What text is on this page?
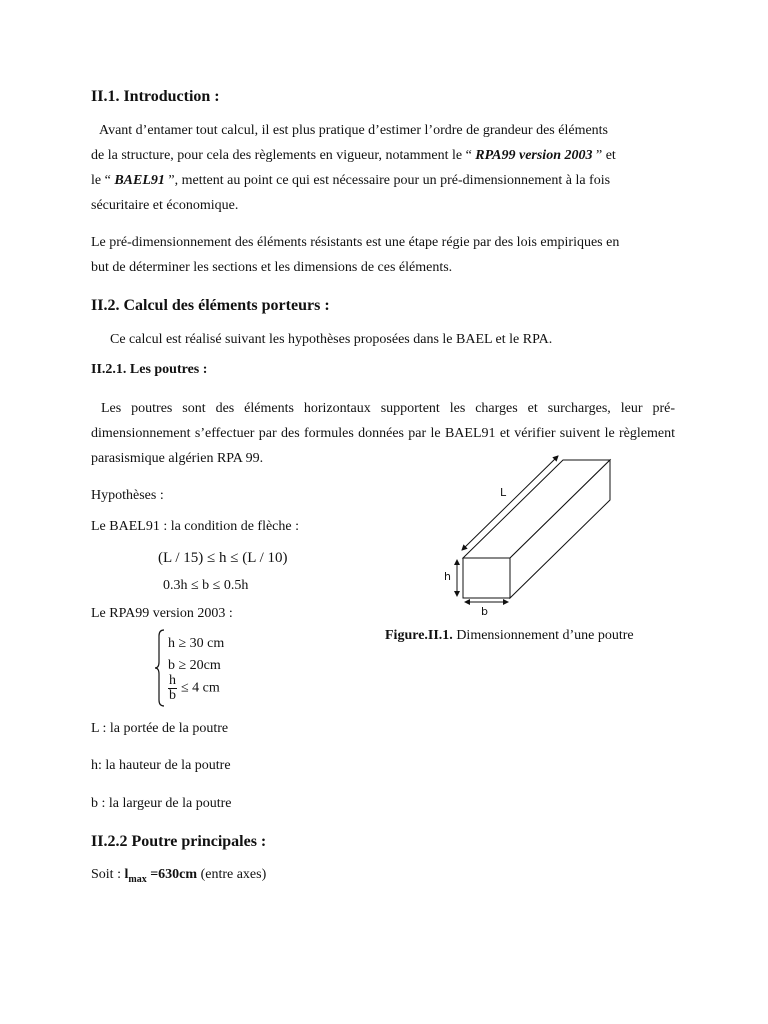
II.1. Introduction :
Avant d’entamer tout calcul, il est plus pratique d’estimer l’ordre de grandeur des éléments
de la structure, pour cela des règlements en vigueur, notamment le “ RPA99 version 2003 ” et
le “ BAEL91 ”, mettent au point ce qui est nécessaire pour un pré-dimensionnement à la fois
sécuritaire et économique.
Le pré-dimensionnement des éléments résistants est une étape régie par des lois empiriques en
but de déterminer les sections et les dimensions de ces éléments.
II.2. Calcul des éléments porteurs :
Ce calcul est réalisé suivant les hypothèses proposées dans le BAEL et le RPA.
II.2.1. Les poutres :
Les poutres sont des éléments horizontaux supportent les charges et surcharges, leur pré-dimensionnement s’effectuer par des formules données par le BAEL91 et vérifier suivent le règlement parasismique algérien RPA 99.
Hypothèses :
Le BAEL91 : la condition de flèche :
(L / 15) ≤ h ≤ (L / 10)
0.3h ≤ b ≤ 0.5h
Le RPA99 version 2003 :
h ≥ 30 cm
b ≥ 20cm
$\frac{h}{b} \le 4$ cm
L : la portée de la poutre
h: la hauteur de la poutre
b : la largeur de la poutre
L
h
b
Figure.II.1. Dimensionnement d’une poutre
II.2.2 Poutre principales :
Soit : $l_{max} =630cm$ (entre axes)
